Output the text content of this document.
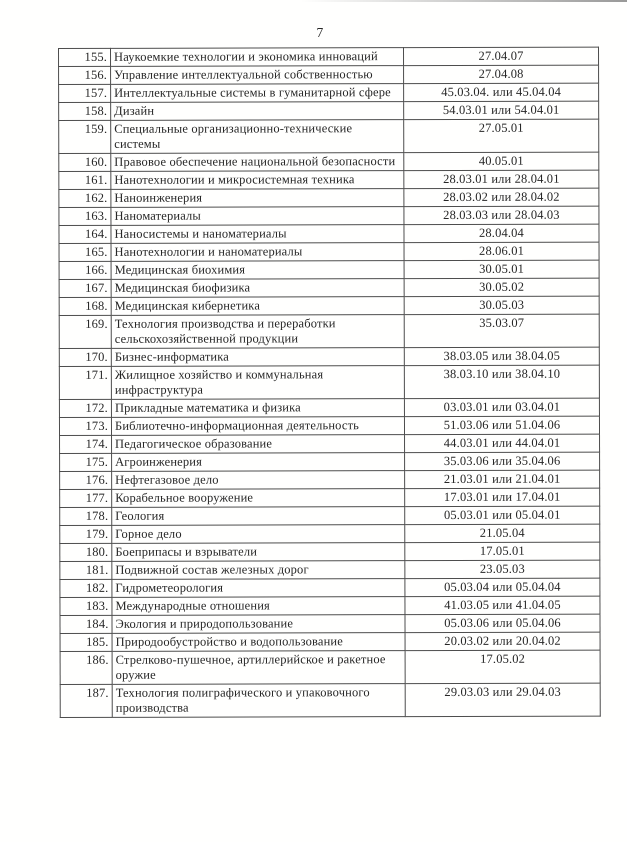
7
155.	Наукоемкие технологии и экономика инноваций	27.04.07
156.	Управление интеллектуальной собственностью	27.04.08
157.	Интеллектуальные системы в гуманитарной сфере	45.03.04. или 45.04.04
158.	Дизайн	54.03.01 или 54.04.01
159.	Специальные организационно-технические системы	27.05.01
160.	Правовое обеспечение национальной безопасности	40.05.01
161.	Нанотехнологии и микросистемная техника	28.03.01 или 28.04.01
162.	Наноинженерия	28.03.02 или 28.04.02
163.	Наноматериалы	28.03.03 или 28.04.03
164.	Наносистемы и наноматериалы	28.04.04
165.	Нанотехнологии и наноматериалы	28.06.01
166.	Медицинская биохимия	30.05.01
167.	Медицинская биофизика	30.05.02
168.	Медицинская кибернетика	30.05.03
169.	Технология производства и переработки сельскохозяйственной продукции	35.03.07
170.	Бизнес-информатика	38.03.05 или 38.04.05
171.	Жилищное хозяйство и коммунальная инфраструктура	38.03.10 или 38.04.10
172.	Прикладные математика и физика	03.03.01 или 03.04.01
173.	Библиотечно-информационная деятельность	51.03.06 или 51.04.06
174.	Педагогическое образование	44.03.01 или 44.04.01
175.	Агроинженерия	35.03.06 или 35.04.06
176.	Нефтегазовое дело	21.03.01 или 21.04.01
177.	Корабельное вооружение	17.03.01 или 17.04.01
178.	Геология	05.03.01 или 05.04.01
179.	Горное дело	21.05.04
180.	Боеприпасы и взрыватели	17.05.01
181.	Подвижной состав железных дорог	23.05.03
182.	Гидрометеорология	05.03.04 или 05.04.04
183.	Международные отношения	41.03.05 или 41.04.05
184.	Экология и природопользование	05.03.06 или 05.04.06
185.	Природообустройство и водопользование	20.03.02 или 20.04.02
186.	Стрелково-пушечное, артиллерийское и ракетное оружие	17.05.02
187.	Технология полиграфического и упаковочного производства	29.03.03 или 29.04.03
